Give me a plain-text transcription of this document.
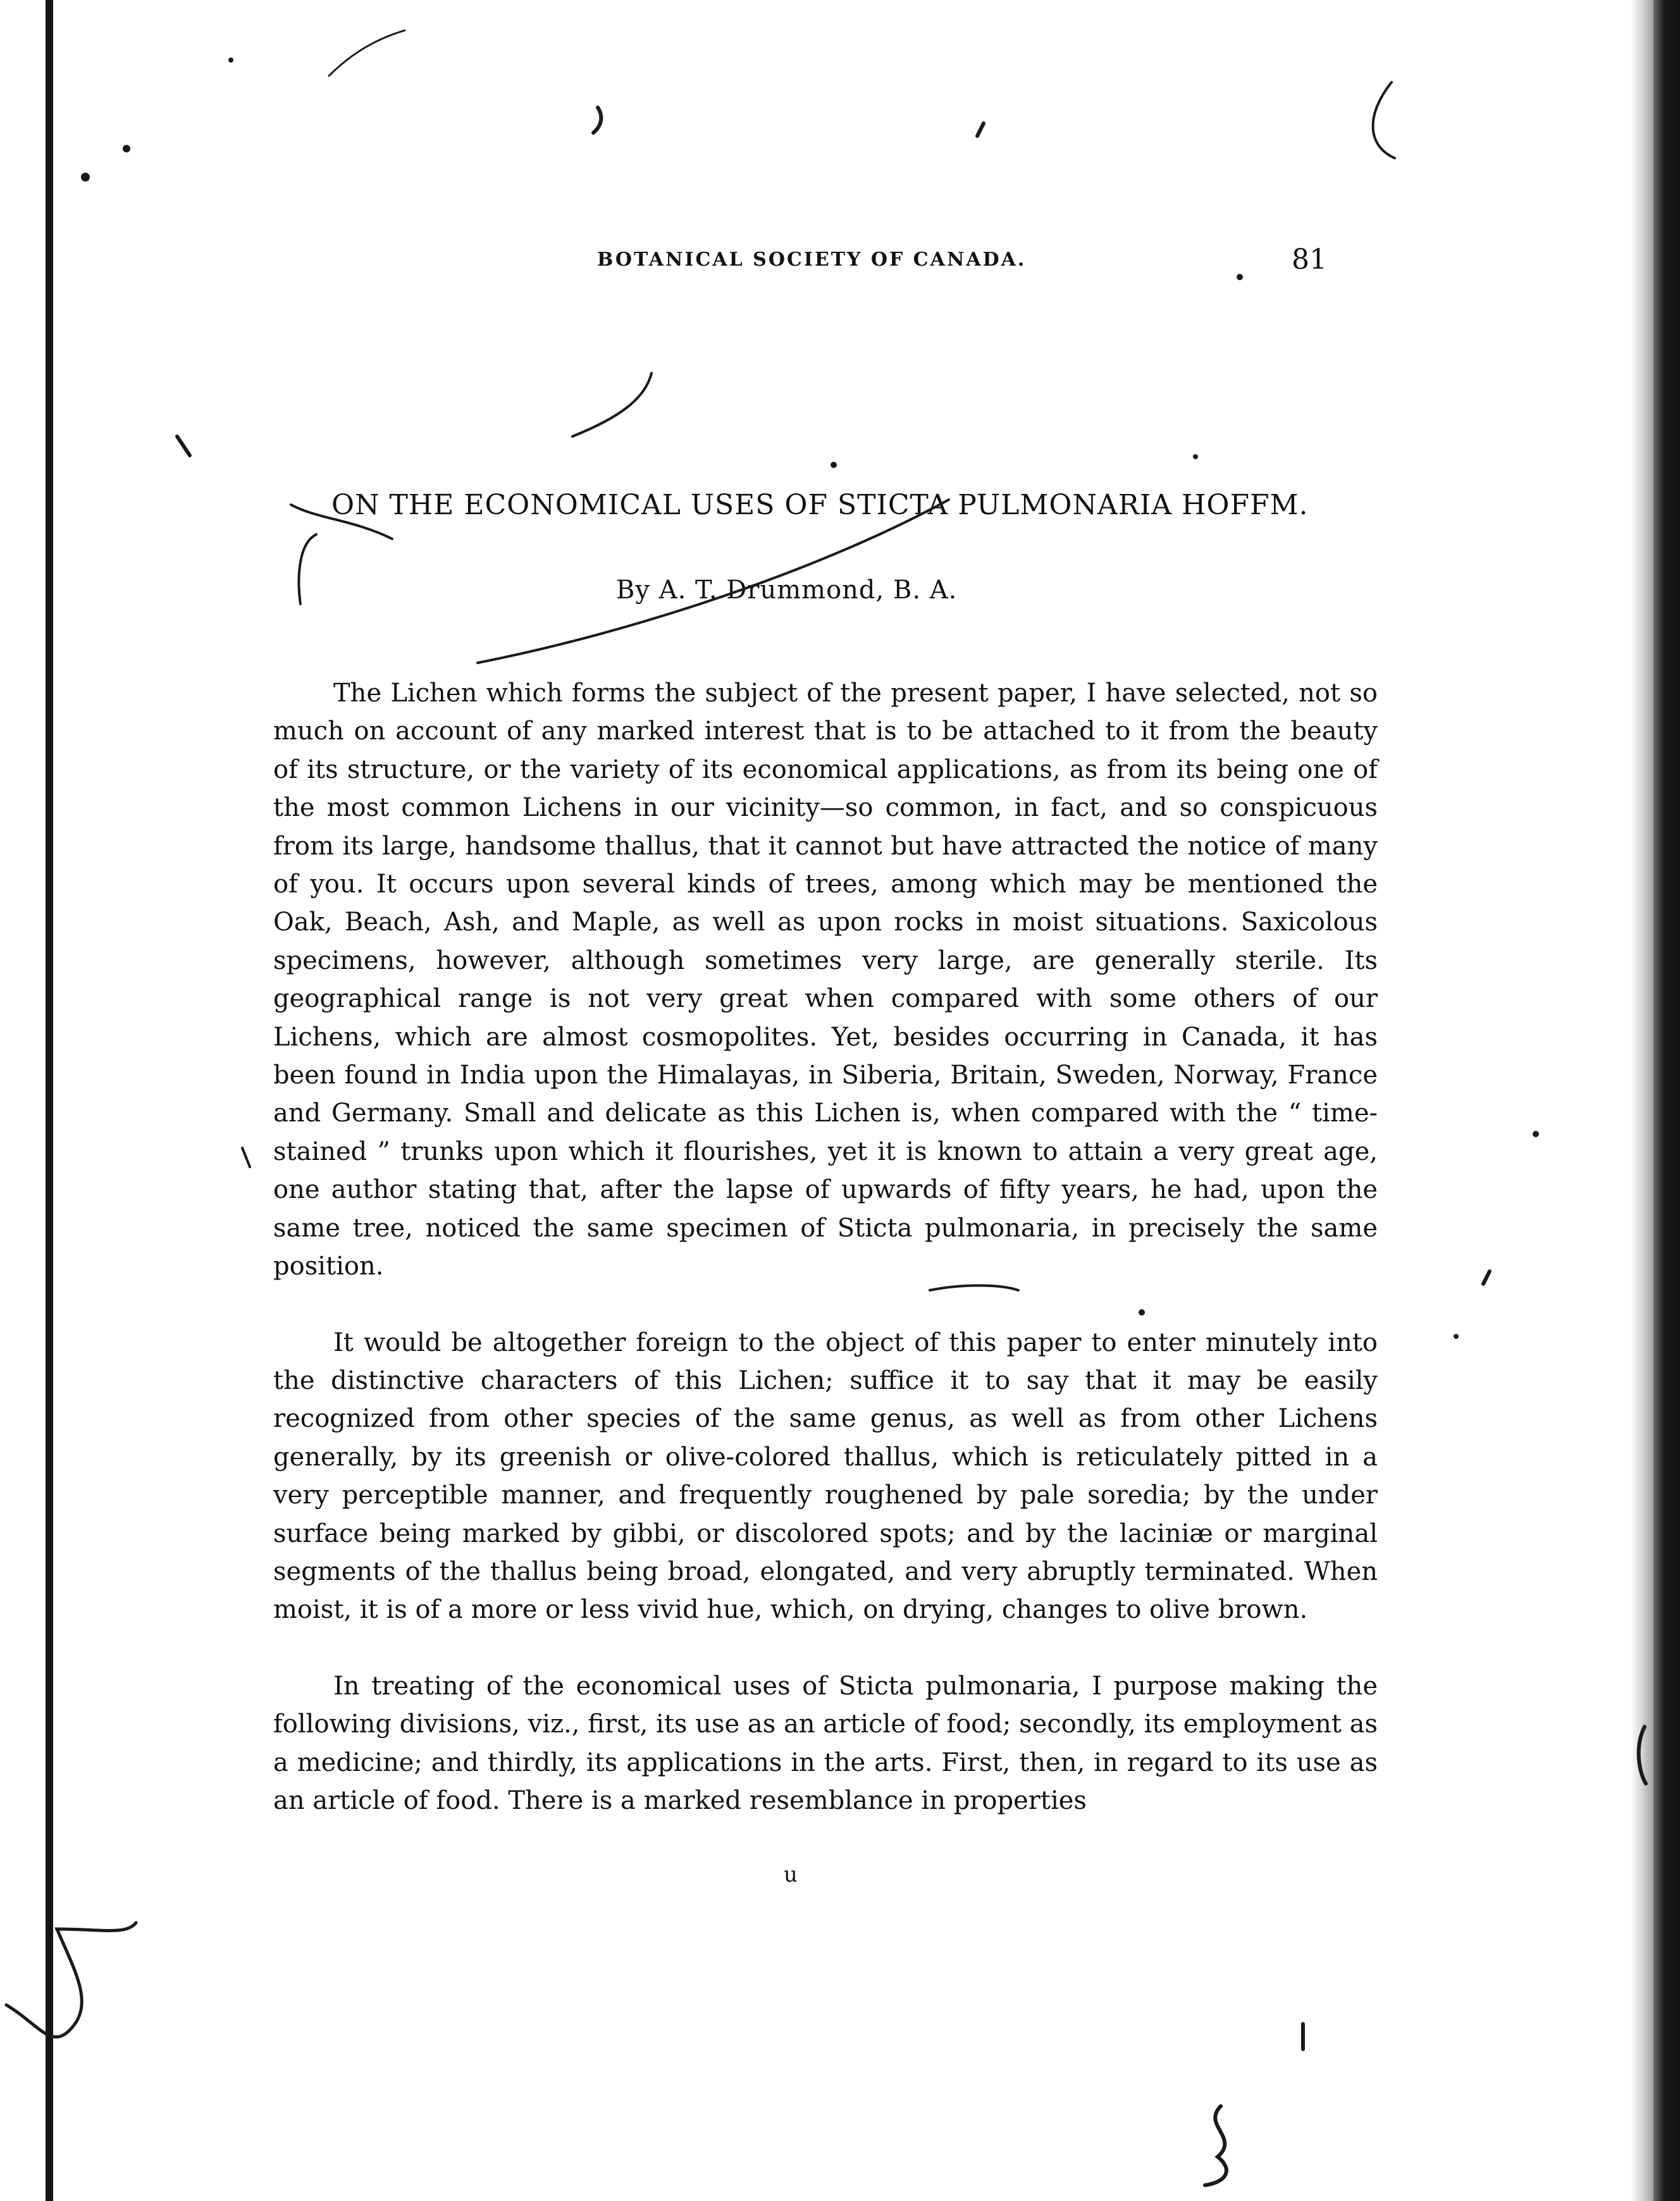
BOTANICAL SOCIETY OF CANADA.	81
ON THE ECONOMICAL USES OF STICTA PULMONARIA HOFFM.
By A. T. Drummond, B. A.

The Lichen which forms the subject of the present paper, I have selected, not so much on account of any marked interest that is to be attached to it from the beauty of its structure, or the variety of its economical applications, as from its being one of the most common Lichens in our vicinity—so common, in fact, and so conspicuous from its large, handsome thallus, that it cannot but have attracted the notice of many of you. It occurs upon several kinds of trees, among which may be mentioned the Oak, Beach, Ash, and Maple, as well as upon rocks in moist situations. Saxicolous specimens, however, although sometimes very large, are generally sterile. Its geographical range is not very great when compared with some others of our Lichens, which are almost cosmopolites. Yet, besides occurring in Canada, it has been found in India upon the Himalayas, in Siberia, Britain, Sweden, Norway, France and Germany. Small and delicate as this Lichen is, when compared with the “ time-stained ” trunks upon which it flourishes, yet it is known to attain a very great age, one author stating that, after the lapse of upwards of fifty years, he had, upon the same tree, noticed the same specimen of Sticta pulmonaria, in precisely the same position.

It would be altogether foreign to the object of this paper to enter minutely into the distinctive characters of this Lichen; suffice it to say that it may be easily recognized from other species of the same genus, as well as from other Lichens generally, by its greenish or olive-colored thallus, which is reticulately pitted in a very perceptible manner, and frequently roughened by pale soredia; by the under surface being marked by gibbi, or discolored spots; and by the laciniæ or marginal segments of the thallus being broad, elongated, and very abruptly terminated. When moist, it is of a more or less vivid hue, which, on drying, changes to olive brown.

In treating of the economical uses of Sticta pulmonaria, I purpose making the following divisions, viz., first, its use as an article of food; secondly, its employment as a medicine; and thirdly, its applications in the arts. First, then, in regard to its use as an article of food. There is a marked resemblance in properties

u
